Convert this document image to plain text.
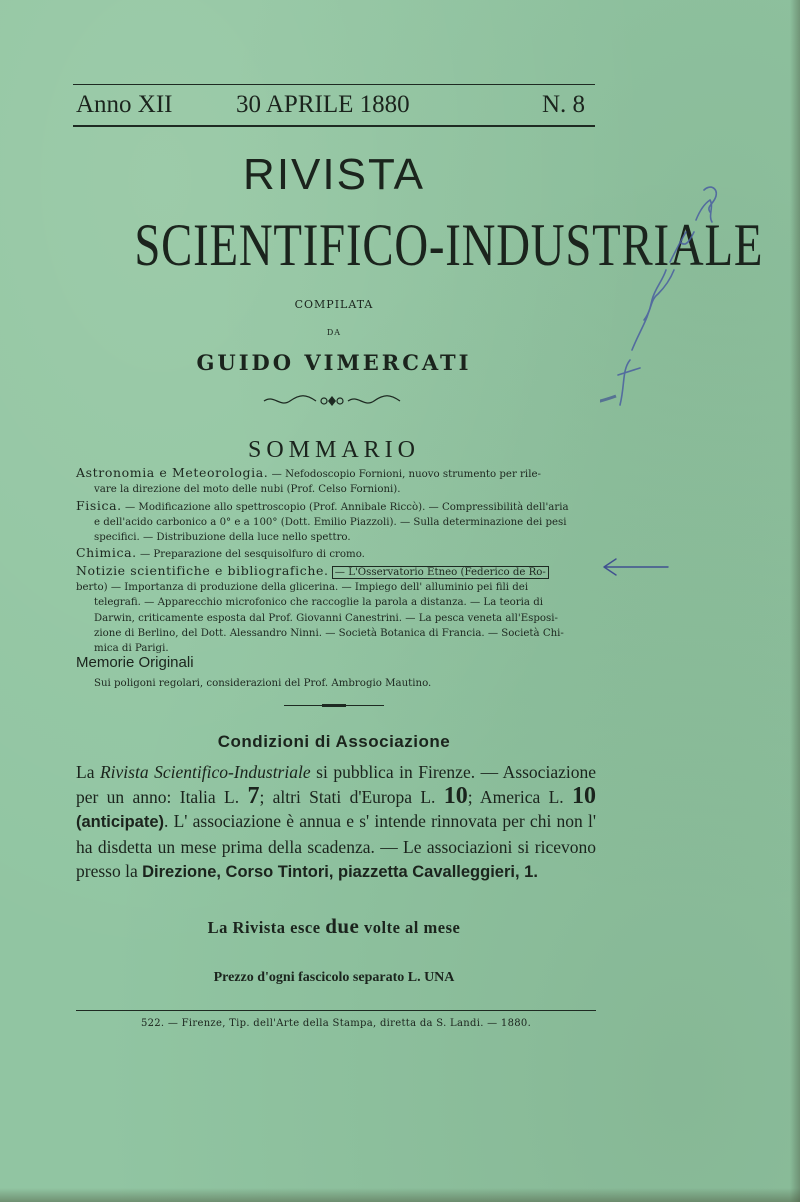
Anno XII	30 APRILE 1880	N. 8
RIVISTA
SCIENTIFICO-INDUSTRIALE
COMPILATA
DA
GUIDO VIMERCATI
SOMMARIO
Astronomia e Meteorologia. — Nefodoscopio Fornioni, nuovo strumento per rile-
vare la direzione del moto delle nubi (Prof. Celso Fornioni).
Fisica. — Modificazione allo spettroscopio (Prof. Annibale Riccò). — Compressibilità dell'aria
e dell'acido carbonico a 0° e a 100° (Dott. Emilio Piazzoli). — Sulla determinazione dei pesi
specifici. — Distribuzione della luce nello spettro.
Chimica. — Preparazione del sesquisolfuro di cromo.
Notizie scientifiche e bibliografiche. — L'Osservatorio Etneo (Federico de Ro-
berto) — Importanza di produzione della glicerina. — Impiego dell' alluminio pei fili dei
telegrafi. — Apparecchio microfonico che raccoglie la parola a distanza. — La teoria di
Darwin, criticamente esposta dal Prof. Giovanni Canestrini. — La pesca veneta all'Esposi-
zione di Berlino, del Dott. Alessandro Ninni. — Società Botanica di Francia. — Società Chi-
mica di Parigi.
Memorie Originali
Sui poligoni regolari, considerazioni del Prof. Ambrogio Mautino.
Condizioni di Associazione
La Rivista Scientifico-Industriale si pubblica in Firenze. — Associazione per un anno: Italia L. 7; altri Stati d'Europa L. 10; America L. 10 (anticipate). L' associazione è annua e s' intende rinnovata per chi non l' ha disdetta un mese prima della scadenza. — Le associazioni si ricevono presso la Direzione, Corso Tintori, piazzetta Cavalleggieri, 1.
La Rivista esce due volte al mese
Prezzo d'ogni fascicolo separato L. UNA
522. — Firenze, Tip. dell'Arte della Stampa, diretta da S. Landi. — 1880.
